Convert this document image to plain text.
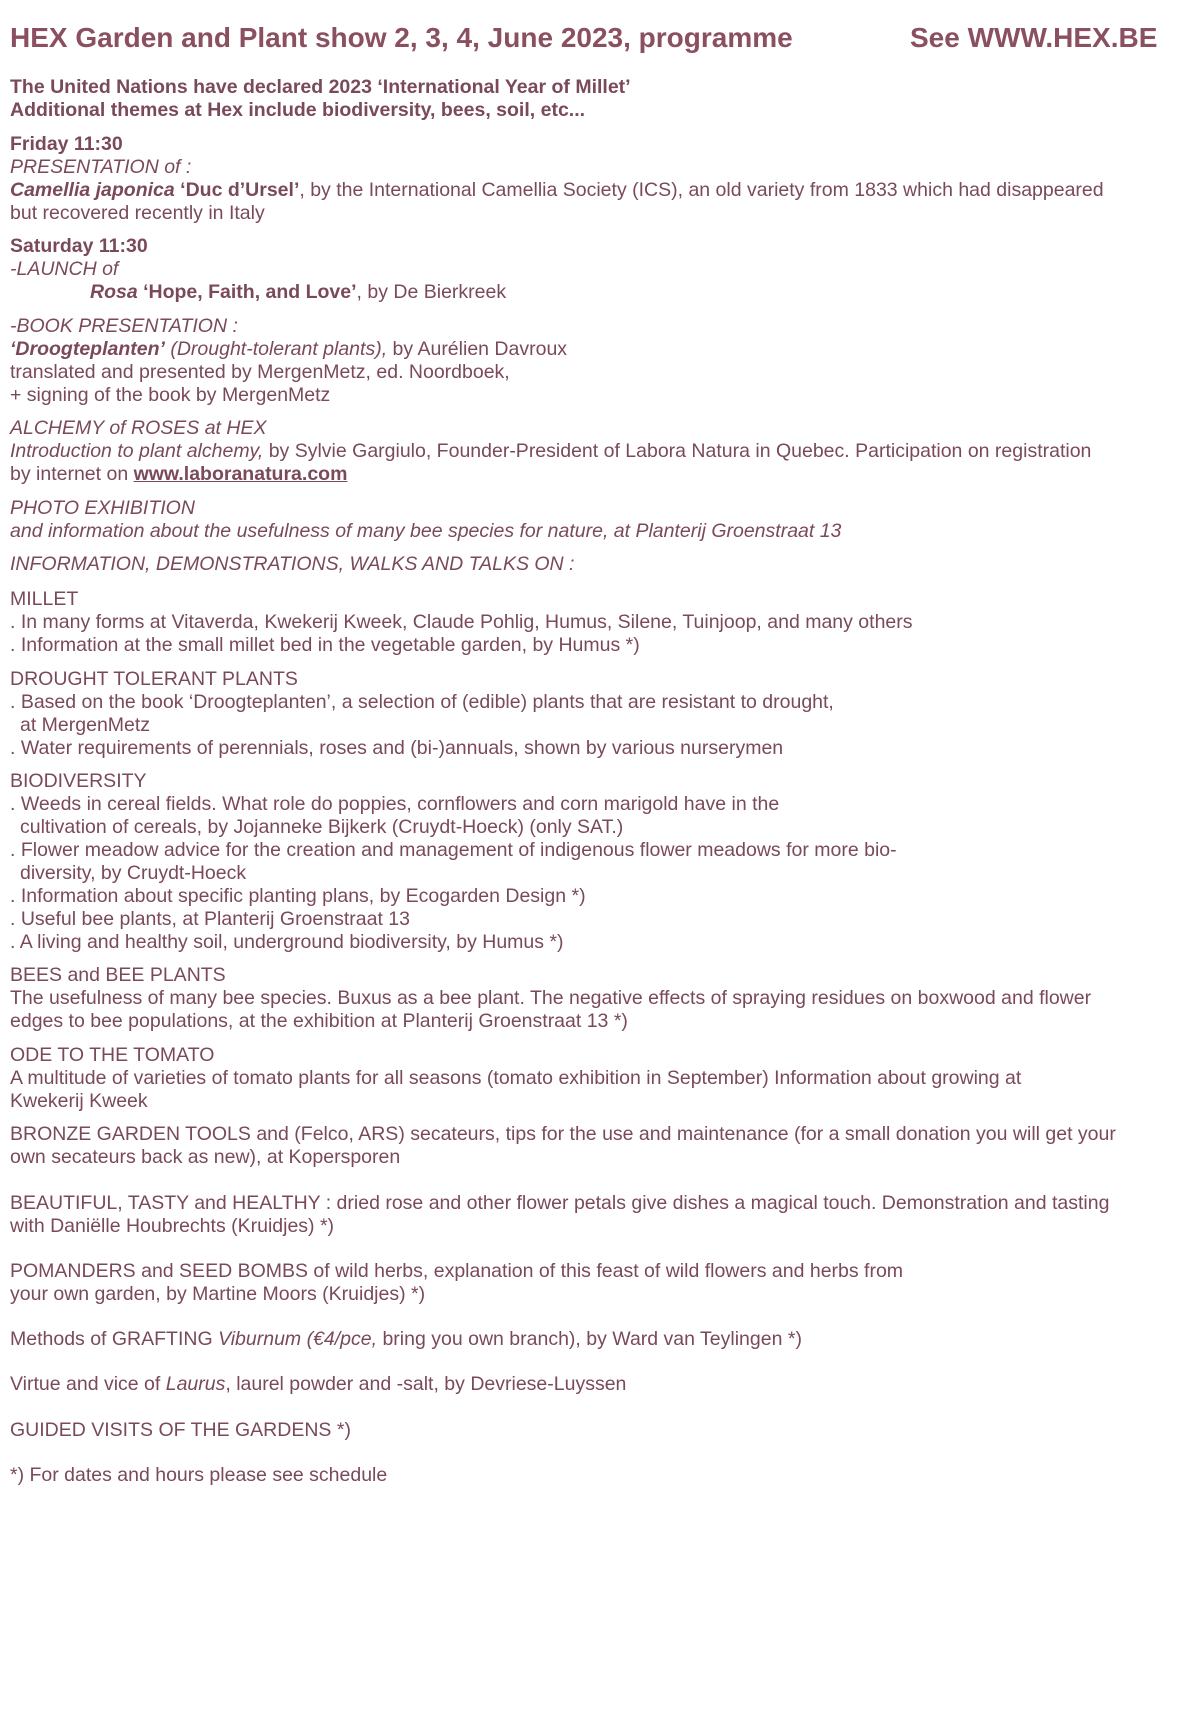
HEX Garden and Plant show 2, 3, 4, June 2023, programme	See WWW.HEX.BE
The United Nations have declared 2023 ‘International Year of Millet’
Additional themes at Hex include biodiversity, bees, soil, etc...
Friday 11:30
PRESENTATION of :
Camellia japonica ‘Duc d’Ursel’, by the International Camellia Society (ICS), an old variety from 1833 which had disappeared
but recovered recently in Italy
Saturday 11:30
-LAUNCH of
Rosa ‘Hope, Faith, and Love’, by De Bierkreek
-BOOK PRESENTATION :
‘Droogteplanten’ (Drought-tolerant plants), by Aurélien Davroux
translated and presented by MergenMetz, ed. Noordboek,
+ signing of the book by MergenMetz
ALCHEMY of ROSES at HEX
Introduction to plant alchemy, by Sylvie Gargiulo, Founder-President of Labora Natura in Quebec. Participation on registration
by internet on www.laboranatura.com
PHOTO EXHIBITION
and information about the usefulness of many bee species for nature, at Planterij Groenstraat 13
INFORMATION, DEMONSTRATIONS, WALKS AND TALKS ON :
MILLET
. In many forms at Vitaverda, Kwekerij Kweek, Claude Pohlig, Humus, Silene, Tuinjoop, and many others
. Information at the small millet bed in the vegetable garden, by Humus *)
DROUGHT TOLERANT PLANTS
. Based on the book ‘Droogteplanten’, a selection of (edible) plants that are resistant to drought,
at MergenMetz
. Water requirements of perennials, roses and (bi-)annuals, shown by various nurserymen
BIODIVERSITY
. Weeds in cereal fields. What role do poppies, cornflowers and corn marigold have in the
cultivation of cereals, by Jojanneke Bijkerk (Cruydt-Hoeck) (only SAT.)
. Flower meadow advice for the creation and management of indigenous flower meadows for more bio-
diversity, by Cruydt-Hoeck
. Information about specific planting plans, by Ecogarden Design *)
. Useful bee plants, at Planterij Groenstraat 13
. A living and healthy soil, underground biodiversity, by Humus *)
BEES and BEE PLANTS
The usefulness of many bee species. Buxus as a bee plant. The negative effects of spraying residues on boxwood and flower
edges to bee populations, at the exhibition at Planterij Groenstraat 13 *)
ODE TO THE TOMATO
A multitude of varieties of tomato plants for all seasons (tomato exhibition in September) Information about growing at
Kwekerij Kweek
BRONZE GARDEN TOOLS and (Felco, ARS) secateurs, tips for the use and maintenance (for a small donation you will get your
own secateurs back as new), at Kopersporen
BEAUTIFUL, TASTY and HEALTHY : dried rose and other flower petals give dishes a magical touch. Demonstration and tasting
with Daniëlle Houbrechts (Kruidjes) *)
POMANDERS and SEED BOMBS of wild herbs, explanation of this feast of wild flowers and herbs from
your own garden, by Martine Moors (Kruidjes) *)
Methods of GRAFTING Viburnum (€4/pce, bring you own branch), by Ward van Teylingen *)
Virtue and vice of Laurus, laurel powder and -salt, by Devriese-Luyssen
GUIDED VISITS OF THE GARDENS *)
*) For dates and hours please see schedule
